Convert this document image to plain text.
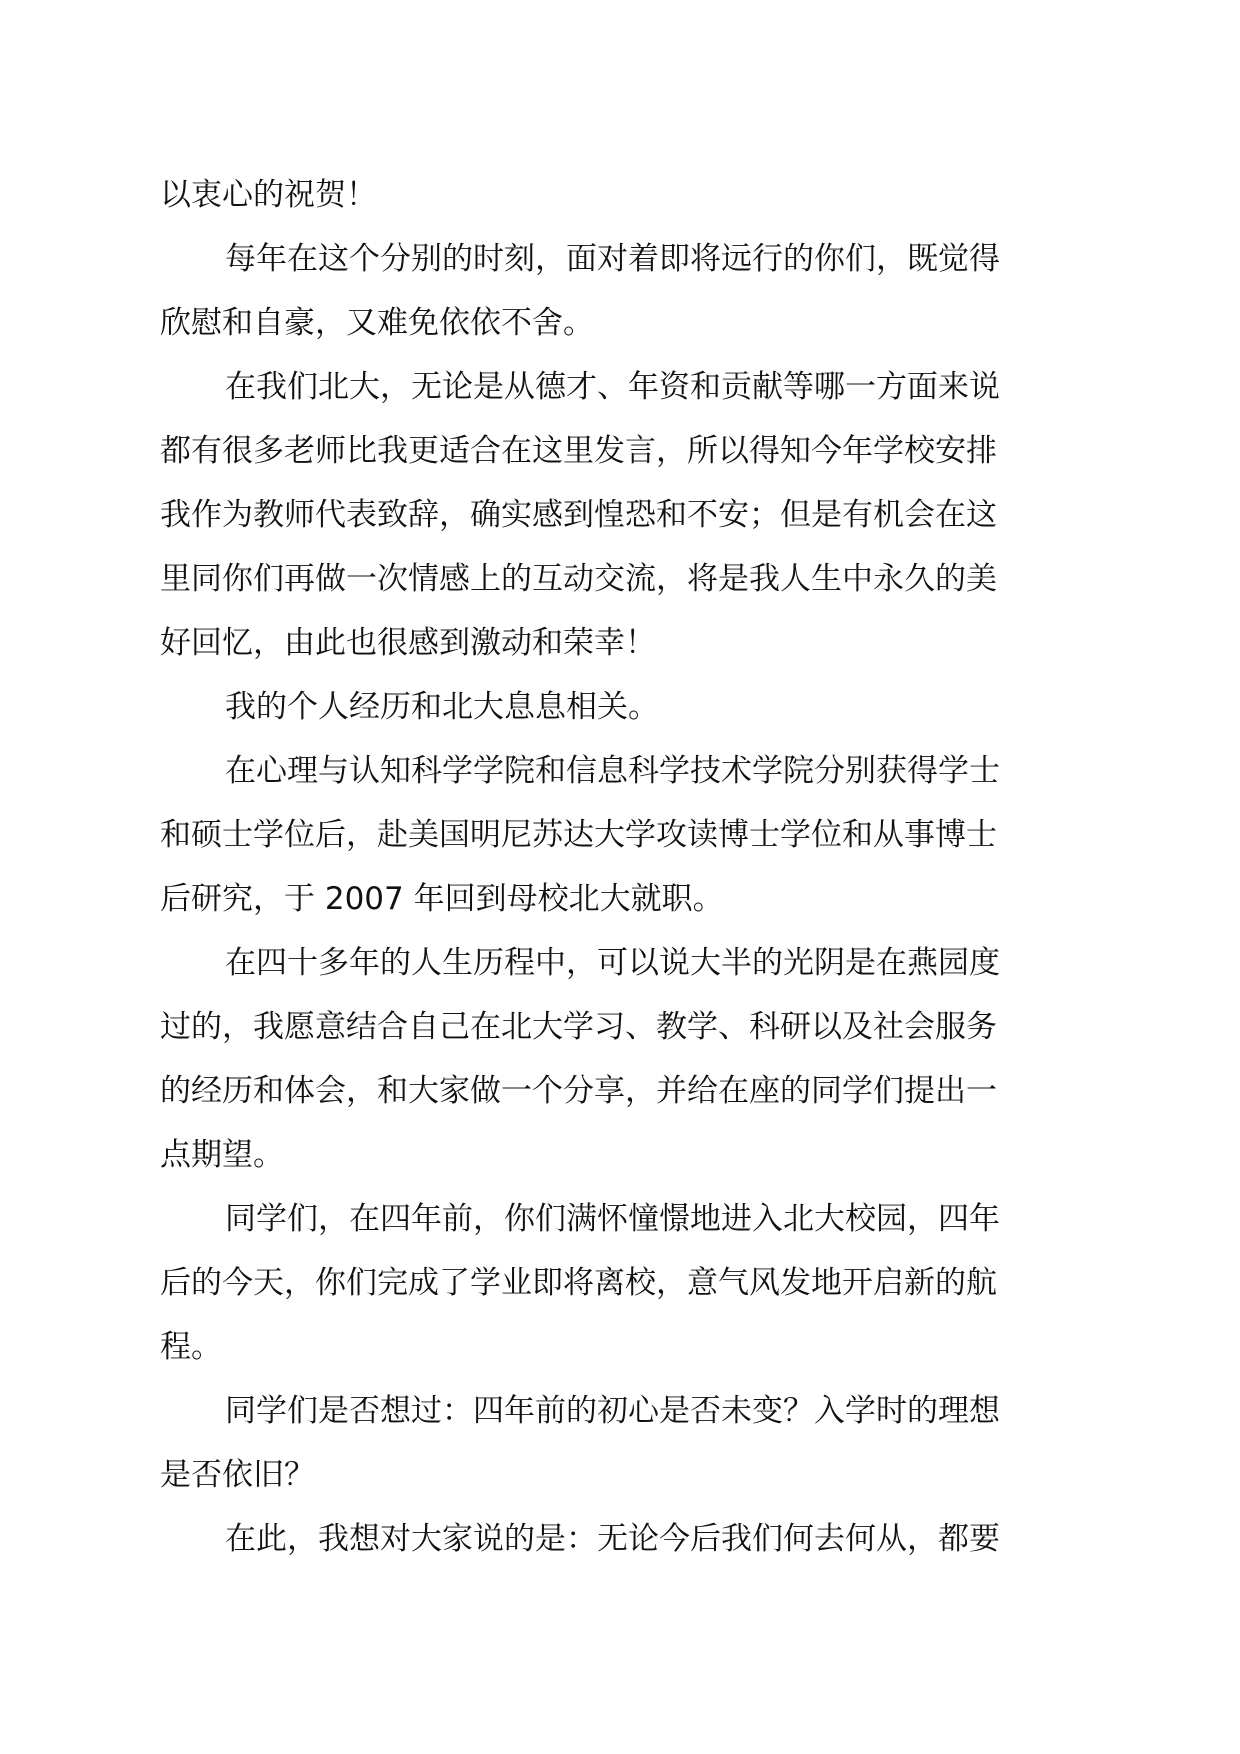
以衷心的祝贺！

每年在这个分别的时刻，面对着即将远行的你们，既觉得

欣慰和自豪，又难免依依不舍。

在我们北大，无论是从德才、年资和贡献等哪一方面来说

都有很多老师比我更适合在这里发言，所以得知今年学校安排

我作为教师代表致辞，确实感到惶恐和不安；但是有机会在这

里同你们再做一次情感上的互动交流，将是我人生中永久的美

好回忆，由此也很感到激动和荣幸！

我的个人经历和北大息息相关。

在心理与认知科学学院和信息科学技术学院分别获得学士

和硕士学位后，赴美国明尼苏达大学攻读博士学位和从事博士

后研究，于 2007 年回到母校北大就职。

在四十多年的人生历程中，可以说大半的光阴是在燕园度

过的，我愿意结合自己在北大学习、教学、科研以及社会服务

的经历和体会，和大家做一个分享，并给在座的同学们提出一

点期望。

同学们，在四年前，你们满怀憧憬地进入北大校园，四年

后的今天，你们完成了学业即将离校，意气风发地开启新的航

程。

同学们是否想过：四年前的初心是否未变？入学时的理想

是否依旧？

在此，我想对大家说的是：无论今后我们何去何从，都要
